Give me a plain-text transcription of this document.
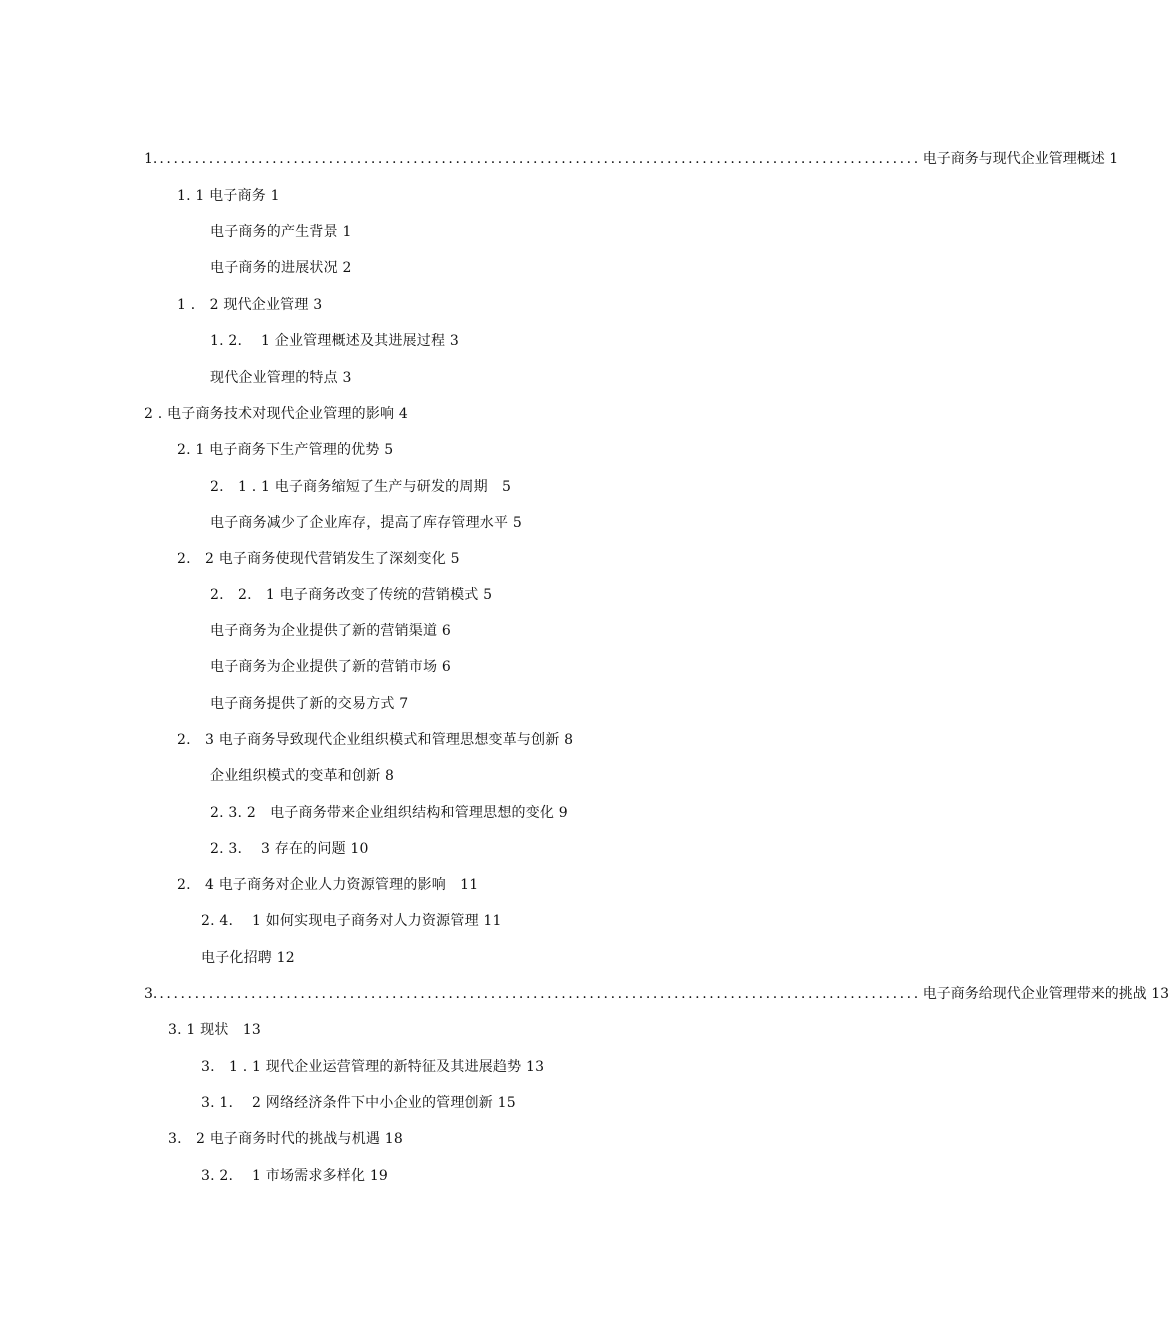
1. ............................................................................................................ 电子商务与现代企业管理概述 1
1. 1 电子商务 1
电子商务的产生背景 1
电子商务的进展状况 2
1 ． 2 现代企业管理 3
1. 2.　 1 企业管理概述及其进展过程 3
现代企业管理的特点 3
2 . 电子商务技术对现代企业管理的影响 4
2. 1 电子商务下生产管理的优势 5
2.　1 . 1 电子商务缩短了生产与研发的周期　5
电子商务减少了企业库存，提高了库存管理水平 5
2.　2 电子商务使现代营销发生了深刻变化 5
2.　2.　1 电子商务改变了传统的营销模式 5
电子商务为企业提供了新的营销渠道 6
电子商务为企业提供了新的营销市场 6
电子商务提供了新的交易方式 7
2.　3 电子商务导致现代企业组织模式和管理思想变革与创新 8
企业组织模式的变革和创新 8
2. 3. 2　电子商务带来企业组织结构和管理思想的变化 9
2. 3.　 3 存在的问题 10
2.　4 电子商务对企业人力资源管理的影响　11
2. 4.　 1 如何实现电子商务对人力资源管理 11
电子化招聘 12
3. ............................................................................................................ 电子商务给现代企业管理带来的挑战 13
3. 1 现状　13
3.　1 . 1 现代企业运营管理的新特征及其进展趋势 13
3. 1.　 2 网络经济条件下中小企业的管理创新 15
3.　2 电子商务时代的挑战与机遇 18
3. 2.　 1 市场需求多样化 19
